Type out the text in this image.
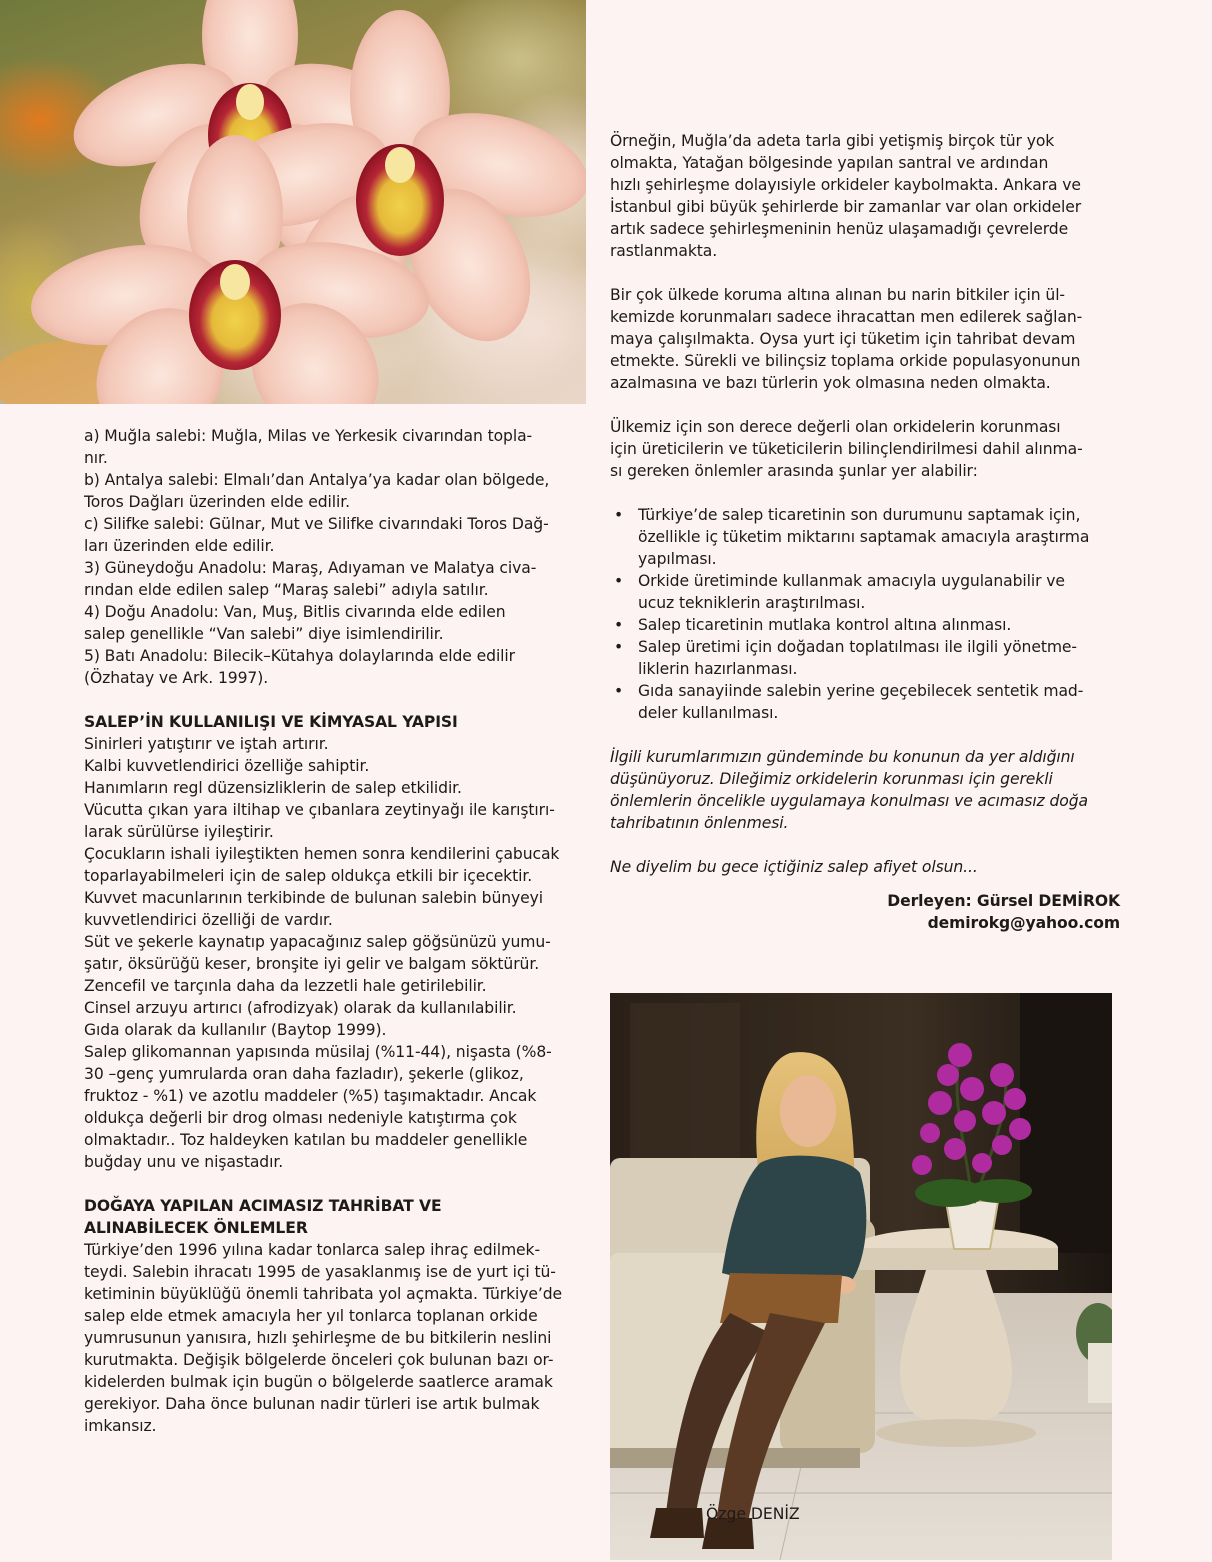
a) Muğla salebi: Muğla, Milas ve Yerkesik civarından topla-

nır.

b) Antalya salebi: Elmalı’dan Antalya’ya kadar olan bölgede,

Toros Dağları üzerinden elde edilir.

c) Silifke salebi: Gülnar, Mut ve Silifke civarındaki Toros Dağ-

ları üzerinden elde edilir.

3) Güneydoğu Anadolu: Maraş, Adıyaman ve Malatya civa-

rından elde edilen salep “Maraş salebi” adıyla satılır.

4) Doğu Anadolu: Van, Muş, Bitlis civarında elde edilen

salep genellikle “Van salebi” diye isimlendirilir.

5) Batı Anadolu: Bilecik–Kütahya dolaylarında elde edilir

(Özhatay ve Ark. 1997).

SALEP’İN KULLANILIŞI VE KİMYASAL YAPISI

Sinirleri yatıştırır ve iştah artırır.

Kalbi kuvvetlendirici özelliğe sahiptir.

Hanımların regl düzensizliklerin de salep etkilidir.

Vücutta çıkan yara iltihap ve çıbanlara zeytinyağı ile karıştırı-

larak sürülürse iyileştirir.

Çocukların ishali iyileştikten hemen sonra kendilerini çabucak

toparlayabilmeleri için de salep oldukça etkili bir içecektir.

Kuvvet macunlarının terkibinde de bulunan salebin bünyeyi

kuvvetlendirici özelliği de vardır.

Süt ve şekerle kaynatıp yapacağınız salep göğsünüzü yumu-

şatır, öksürüğü keser, bronşite iyi gelir ve balgam söktürür.

Zencefil ve tarçınla daha da lezzetli hale getirilebilir.

Cinsel arzuyu artırıcı (afrodizyak) olarak da kullanılabilir.

Gıda olarak da kullanılır (Baytop 1999).

Salep glikomannan yapısında müsilaj (%11-44), nişasta (%8-

30 –genç yumrularda oran daha fazladır), şekerle (glikoz,

fruktoz - %1) ve azotlu maddeler (%5) taşımaktadır. Ancak

oldukça değerli bir drog olması nedeniyle katıştırma çok

olmaktadır.. Toz haldeyken katılan bu maddeler genellikle

buğday unu ve nişastadır.

DOĞAYA YAPILAN ACIMASIZ TAHRİBAT VE
ALINABİLECEK ÖNLEMLER

Türkiye’den 1996 yılına kadar tonlarca salep ihraç edilmek-

teydi. Salebin ihracatı 1995 de yasaklanmış ise de yurt içi tü-

ketiminin büyüklüğü önemli tahribata yol açmakta. Türkiye’de

salep elde etmek amacıyla her yıl tonlarca toplanan orkide

yumrusunun yanısıra, hızlı şehirleşme de bu bitkilerin neslini

kurutmakta. Değişik bölgelerde önceleri çok bulunan bazı or-

kidelerden bulmak için bugün o bölgelerde saatlerce aramak

gerekiyor. Daha önce bulunan nadir türleri ise artık bulmak

imkansız.

Örneğin, Muğla’da adeta tarla gibi yetişmiş birçok tür yok

olmakta, Yatağan bölgesinde yapılan santral ve ardından

hızlı şehirleşme dolayısiyle orkideler kaybolmakta. Ankara ve

İstanbul gibi büyük şehirlerde bir zamanlar var olan orkideler

artık sadece şehirleşmeninin henüz ulaşamadığı çevrelerde

rastlanmakta.

Bir çok ülkede koruma altına alınan bu narin bitkiler için ül-

kemizde korunmaları sadece ihracattan men edilerek sağlan-

maya çalışılmakta. Oysa yurt içi tüketim için tahribat devam

etmekte. Sürekli ve bilinçsiz toplama orkide populasyonunun

azalmasına ve bazı türlerin yok olmasına neden olmakta.

Ülkemiz için son derece değerli olan orkidelerin korunması

için üreticilerin ve tüketicilerin bilinçlendirilmesi dahil alınma-

sı gereken önlemler arasında şunlar yer alabilir:

• Türkiye’de salep ticaretinin son durumunu saptamak için,
özellikle iç tüketim miktarını saptamak amacıyla araştırma
yapılması.
• Orkide üretiminde kullanmak amacıyla uygulanabilir ve
ucuz tekniklerin araştırılması.
• Salep ticaretinin mutlaka kontrol altına alınması.
• Salep üretimi için doğadan toplatılması ile ilgili yönetme-
liklerin hazırlanması.
• Gıda sanayiinde salebin yerine geçebilecek sentetik mad-
deler kullanılması.

İlgili kurumlarımızın gündeminde bu konunun da yer aldığını

düşünüyoruz. Dileğimiz orkidelerin korunması için gerekli

önlemlerin öncelikle uygulamaya konulması ve acımasız doğa

tahribatının önlenmesi.

Ne diyelim bu gece içtiğiniz salep afiyet olsun...

Derleyen: Gürsel DEMİROK

demirokg@yahoo.com

Özge DENİZ
